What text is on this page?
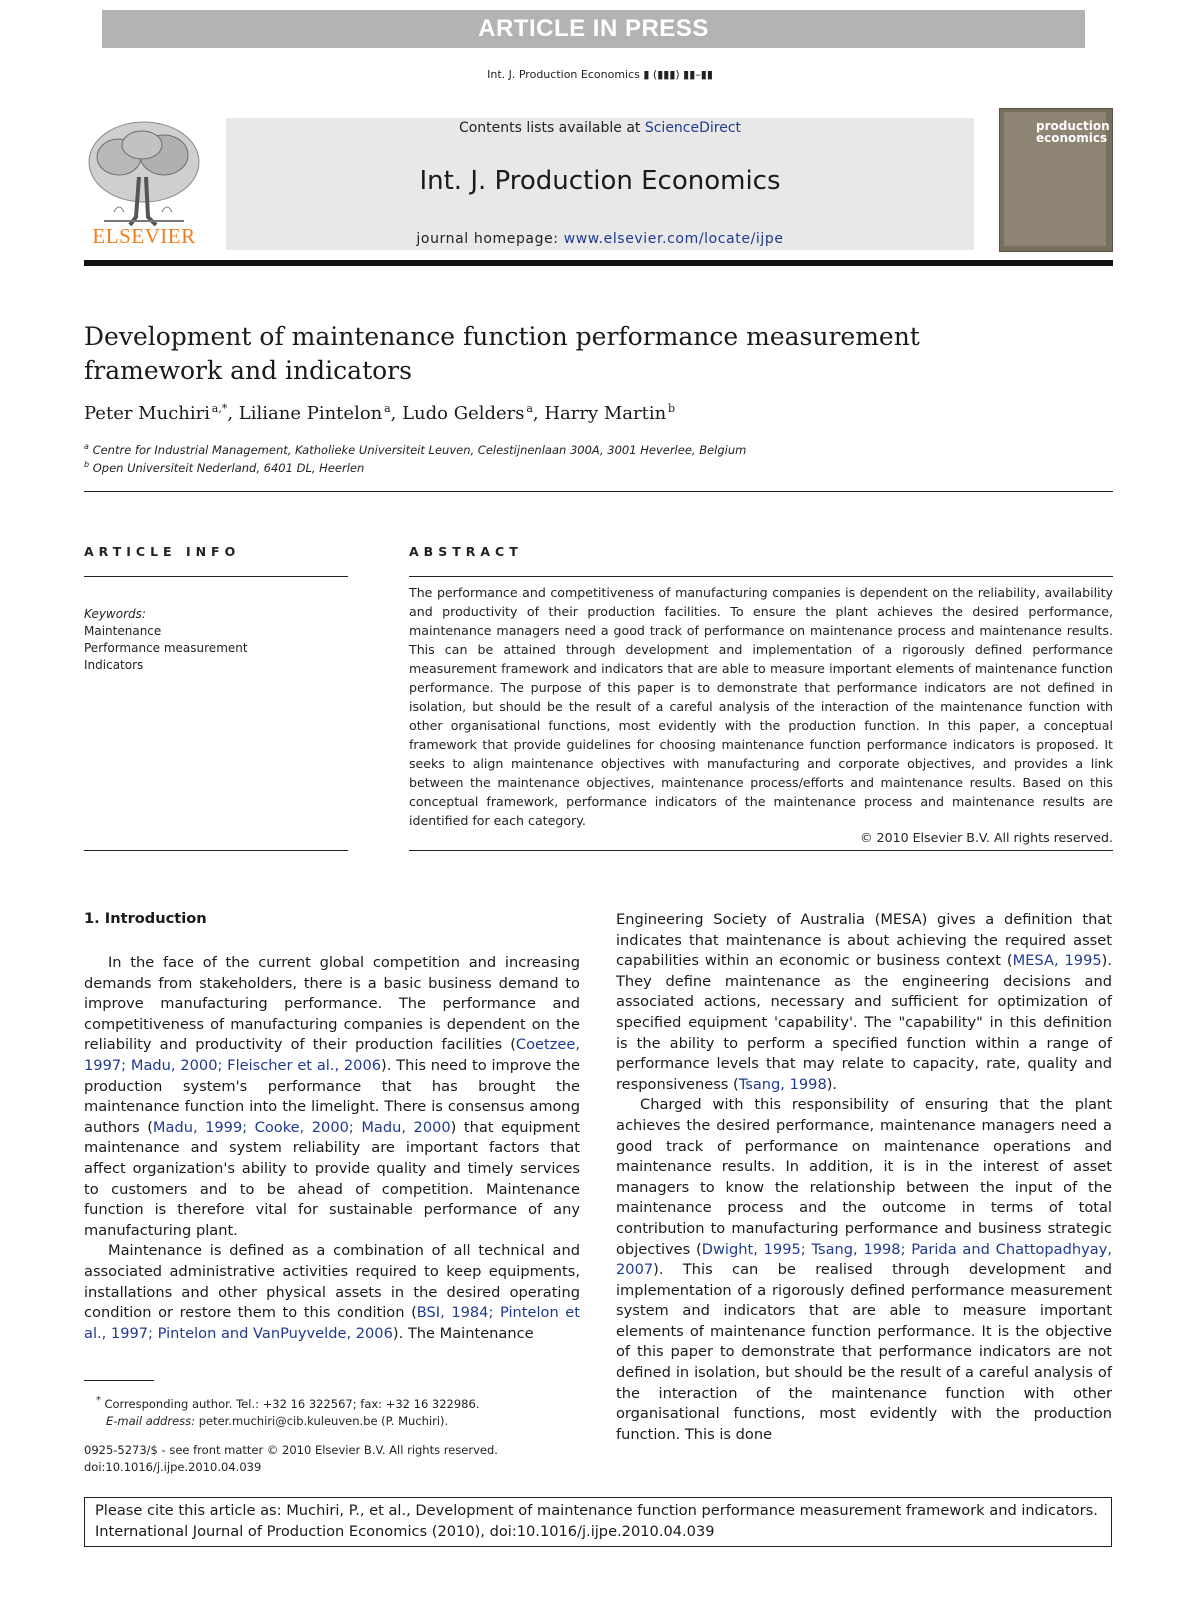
ARTICLE IN PRESS
Int. J. Production Economics ▮ (▮▮▮) ▮▮–▮▮
ELSEVIER
Contents lists available at ScienceDirect
Int. J. Production Economics
journal homepage: www.elsevier.com/locate/ijpe
production economics
Development of maintenance function performance measurement framework and indicators
Peter Muchiri  $^{a,*}$, Liliane Pintelon  $^a$, Ludo Gelders  $^a$, Harry Martin  $^b$
$^a$ Centre for Industrial Management, Katholieke Universiteit Leuven, Celestijnenlaan 300A, 3001 Heverlee, Belgium
$^b$ Open Universiteit Nederland, 6401 DL, Heerlen
ARTICLE INFO	ABSTRACT
Keywords:
Maintenance
Performance measurement
Indicators
The performance and competitiveness of manufacturing companies is dependent on the reliability, availability and productivity of their production facilities. To ensure the plant achieves the desired performance, maintenance managers need a good track of performance on maintenance process and maintenance results. This can be attained through development and implementation of a rigorously defined performance measurement framework and indicators that are able to measure important elements of maintenance function performance. The purpose of this paper is to demonstrate that performance indicators are not defined in isolation, but should be the result of a careful analysis of the interaction of the maintenance function with other organisational functions, most evidently with the production function. In this paper, a conceptual framework that provide guidelines for choosing maintenance function performance indicators is proposed. It seeks to align maintenance objectives with manufacturing and corporate objectives, and provides a link between the maintenance objectives, maintenance process/efforts and maintenance results. Based on this conceptual framework, performance indicators of the maintenance process and maintenance results are identified for each category.
© 2010 Elsevier B.V. All rights reserved.
1. Introduction

In the face of the current global competition and increasing demands from stakeholders, there is a basic business demand to improve manufacturing performance. The performance and competitiveness of manufacturing companies is dependent on the reliability and productivity of their production facilities (Coetzee, 1997; Madu, 2000; Fleischer et al., 2006). This need to improve the production system's performance that has brought the maintenance function into the limelight. There is consensus among authors (Madu, 1999; Cooke, 2000; Madu, 2000) that equipment maintenance and system reliability are important factors that affect organization's ability to provide quality and timely services to customers and to be ahead of competition. Maintenance function is therefore vital for sustainable performance of any manufacturing plant.

Maintenance is defined as a combination of all technical and associated administrative activities required to keep equipments, installations and other physical assets in the desired operating condition or restore them to this condition (BSI, 1984; Pintelon et al., 1997; Pintelon and VanPuyvelde, 2006). The Maintenance

Engineering Society of Australia (MESA) gives a definition that indicates that maintenance is about achieving the required asset capabilities within an economic or business context (MESA, 1995). They define maintenance as the engineering decisions and associated actions, necessary and sufficient for optimization of specified equipment 'capability'. The "capability" in this definition is the ability to perform a specified function within a range of performance levels that may relate to capacity, rate, quality and responsiveness (Tsang, 1998).

Charged with this responsibility of ensuring that the plant achieves the desired performance, maintenance managers need a good track of performance on maintenance operations and maintenance results. In addition, it is in the interest of asset managers to know the relationship between the input of the maintenance process and the outcome in terms of total contribution to manufacturing performance and business strategic objectives (Dwight, 1995; Tsang, 1998; Parida and Chattopadhyay, 2007). This can be realised through development and implementation of a rigorously defined performance measurement system and indicators that are able to measure important elements of maintenance function performance. It is the objective of this paper to demonstrate that performance indicators are not defined in isolation, but should be the result of a careful analysis of the interaction of the maintenance function with other organisational functions, most evidently with the production function. This is done

* Corresponding author. Tel.: +32 16 322567; fax: +32 16 322986.
E-mail address: peter.muchiri@cib.kuleuven.be (P. Muchiri).
0925-5273/$ - see front matter © 2010 Elsevier B.V. All rights reserved.
doi:10.1016/j.ijpe.2010.04.039
Please cite this article as: Muchiri, P., et al., Development of maintenance function performance measurement framework and indicators. International Journal of Production Economics (2010), doi:10.1016/j.ijpe.2010.04.039
